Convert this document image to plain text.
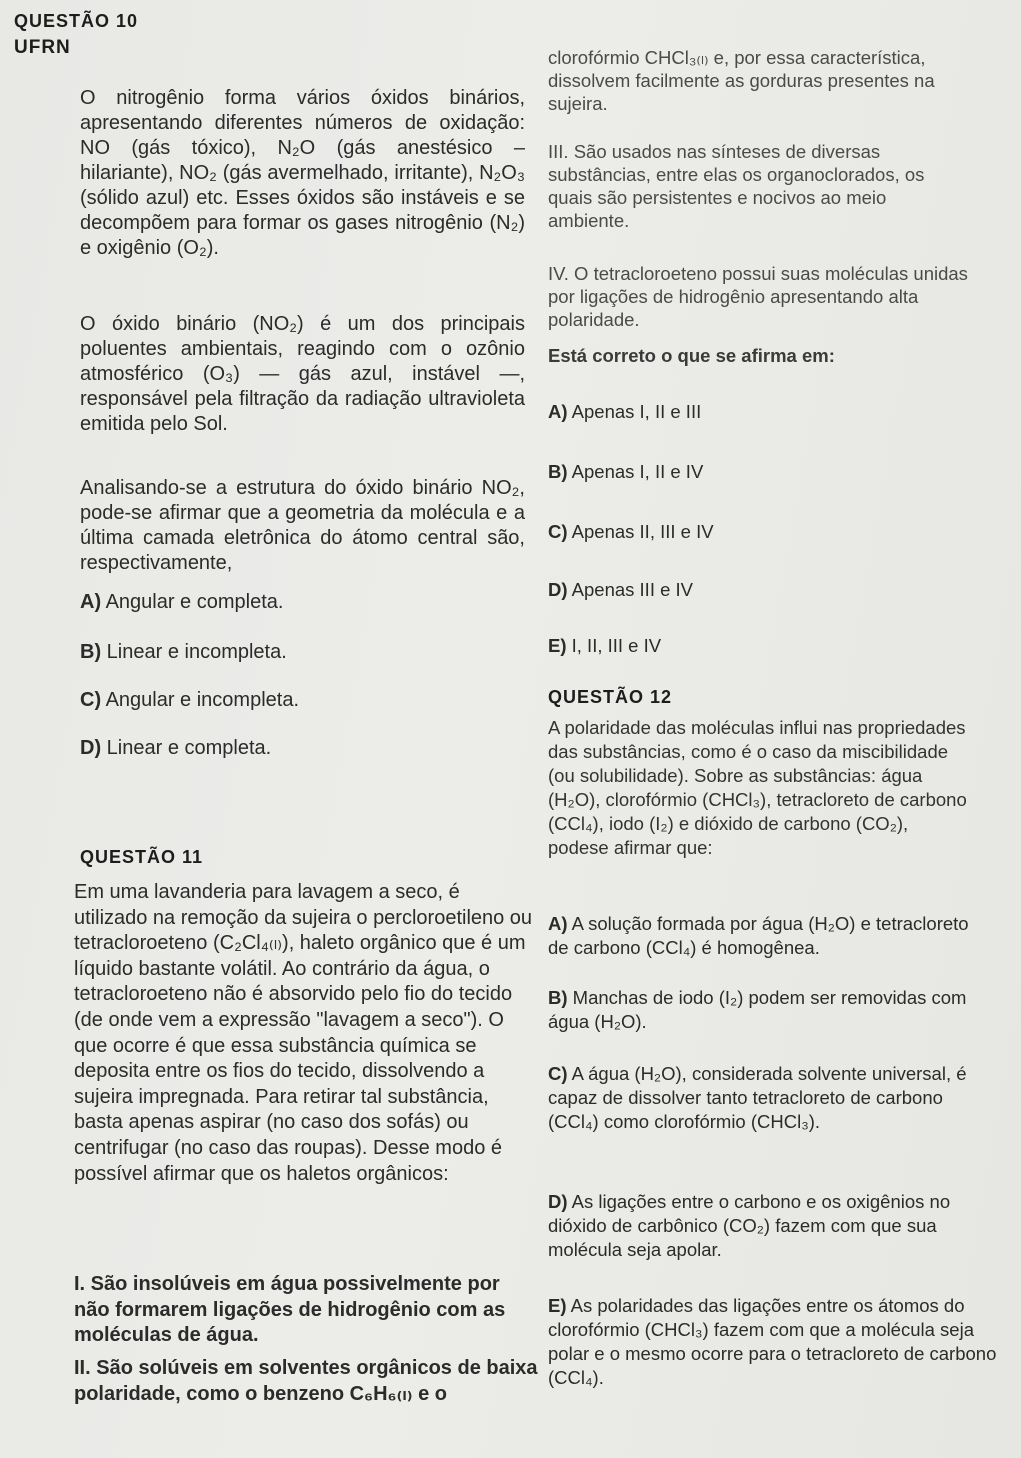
QUESTÃO 10
UFRN

O nitrogênio forma vários óxidos binários, apresentando diferentes números de oxidação: NO (gás tóxico), N₂O (gás anestésico – hilariante), NO₂ (gás avermelhado, irritante), N₂O₃ (sólido azul) etc. Esses óxidos são instáveis e se decompõem para formar os gases nitrogênio (N₂) e oxigênio (O₂).

O óxido binário (NO₂) é um dos principais poluentes ambientais, reagindo com o ozônio atmosférico (O₃) — gás azul, instável —, responsável pela filtração da radiação ultravioleta emitida pelo Sol.

Analisando-se a estrutura do óxido binário NO₂, pode-se afirmar que a geometria da molécula e a última camada eletrônica do átomo central são, respectivamente,

A) Angular e completa.
B) Linear e incompleta.
C) Angular e incompleta.
D) Linear e completa.
QUESTÃO 11

Em uma lavanderia para lavagem a seco, é utilizado na remoção da sujeira o percloroetileno ou tetracloroeteno (C₂Cl₄₍ₗ₎), haleto orgânico que é um líquido bastante volátil. Ao contrário da água, o tetracloroeteno não é absorvido pelo fio do tecido (de onde vem a expressão "lavagem a seco"). O que ocorre é que essa substância química se deposita entre os fios do tecido, dissolvendo a sujeira impregnada. Para retirar tal substância, basta apenas aspirar (no caso dos sofás) ou centrifugar (no caso das roupas). Desse modo é possível afirmar que os haletos orgânicos:

I. São insolúveis em água possivelmente por não formarem ligações de hidrogênio com as moléculas de água.

II. São solúveis em solventes orgânicos de baixa polaridade, como o benzeno C₆H₆₍ₗ₎ e o

clorofórmio CHCl₃₍ₗ₎ e, por essa característica, dissolvem facilmente as gorduras presentes na sujeira.

III. São usados nas sínteses de diversas substâncias, entre elas os organoclorados, os quais são persistentes e nocivos ao meio ambiente.

IV. O tetracloroeteno possui suas moléculas unidas por ligações de hidrogênio apresentando alta polaridade.

Está correto o que se afirma em:
A) Apenas I, II e III
B) Apenas I, II e IV
C) Apenas II, III e IV
D) Apenas III e IV
E) I, II, III e IV
QUESTÃO 12

A polaridade das moléculas influi nas propriedades das substâncias, como é o caso da miscibilidade (ou solubilidade). Sobre as substâncias: água (H₂O), clorofórmio (CHCl₃), tetracloreto de carbono (CCl₄), iodo (I₂) e dióxido de carbono (CO₂), podese afirmar que:

A) A solução formada por água (H₂O) e tetracloreto de carbono (CCl₄) é homogênea.
B) Manchas de iodo (I₂) podem ser removidas com água (H₂O).
C) A água (H₂O), considerada solvente universal, é capaz de dissolver tanto tetracloreto de carbono (CCl₄) como clorofórmio (CHCl₃).
D) As ligações entre o carbono e os oxigênios no dióxido de carbônico (CO₂) fazem com que sua molécula seja apolar.
E) As polaridades das ligações entre os átomos do clorofórmio (CHCl₃) fazem com que a molécula seja polar e o mesmo ocorre para o tetracloreto de carbono (CCl₄).
